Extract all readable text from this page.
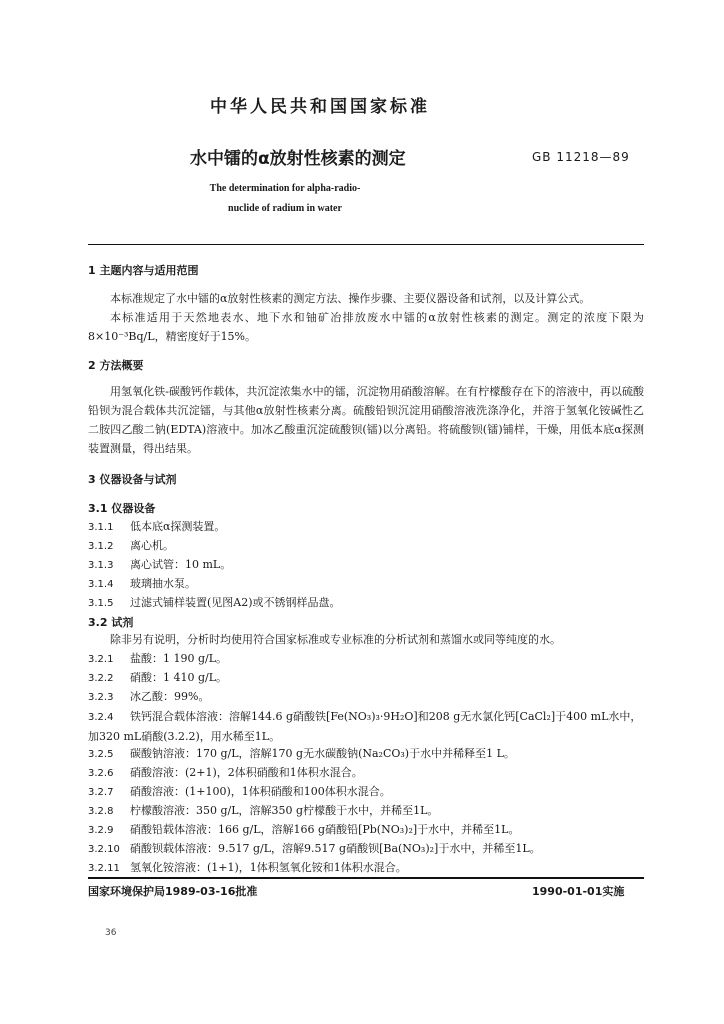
中华人民共和国国家标准
水中镭的α放射性核素的测定	GB 11218—89
The determination for alpha-radio-
nuclide of radium in water
1 主题内容与适用范围
本标准规定了水中镭的α放射性核素的测定方法、操作步骤、主要仪器设备和试剂，以及计算公式。
本标准适用于天然地表水、地下水和铀矿冶排放废水中镭的α放射性核素的测定。测定的浓度下限为8×10⁻³Bq/L，精密度好于15%。
2 方法概要
用氢氧化铁-碳酸钙作载体，共沉淀浓集水中的镭，沉淀物用硝酸溶解。在有柠檬酸存在下的溶液中，再以硫酸铅钡为混合载体共沉淀镭，与其他α放射性核素分离。硫酸铅钡沉淀用硝酸溶液洗涤净化，并溶于氢氧化铵碱性乙二胺四乙酸二钠(EDTA)溶液中。加冰乙酸重沉淀硫酸钡(镭)以分离铅。将硫酸钡(镭)铺样，干燥，用低本底α探测装置测量，得出结果。
3 仪器设备与试剂
3.1 仪器设备
3.1.1 低本底α探测装置。
3.1.2 离心机。
3.1.3 离心试管：10 mL。
3.1.4 玻璃抽水泵。
3.1.5 过滤式铺样装置(见图A2)或不锈钢样品盘。
3.2 试剂
除非另有说明，分析时均使用符合国家标准或专业标准的分析试剂和蒸馏水或同等纯度的水。
3.2.1 盐酸：1 190 g/L。
3.2.2 硝酸：1 410 g/L。
3.2.3 冰乙酸：99%。
3.2.4 铁钙混合载体溶液：溶解144.6 g硝酸铁[Fe(NO₃)₃·9H₂O]和208 g无水氯化钙[CaCl₂]于400 mL水中，加320 mL硝酸(3.2.2)，用水稀至1L。
3.2.5 碳酸钠溶液：170 g/L，溶解170 g无水碳酸钠(Na₂CO₃)于水中并稀释至1 L。
3.2.6 硝酸溶液：(2+1)，2体积硝酸和1体积水混合。
3.2.7 硝酸溶液：(1+100)，1体积硝酸和100体积水混合。
3.2.8 柠檬酸溶液：350 g/L，溶解350 g柠檬酸于水中，并稀至1L。
3.2.9 硝酸铅载体溶液：166 g/L，溶解166 g硝酸铅[Pb(NO₃)₂]于水中，并稀至1L。
3.2.10 硝酸钡载体溶液：9.517 g/L，溶解9.517 g硝酸钡[Ba(NO₃)₂]于水中，并稀至1L。
3.2.11 氢氧化铵溶液：(1+1)，1体积氢氧化铵和1体积水混合。
国家环境保护局1989-03-16批准	1990-01-01实施
36
